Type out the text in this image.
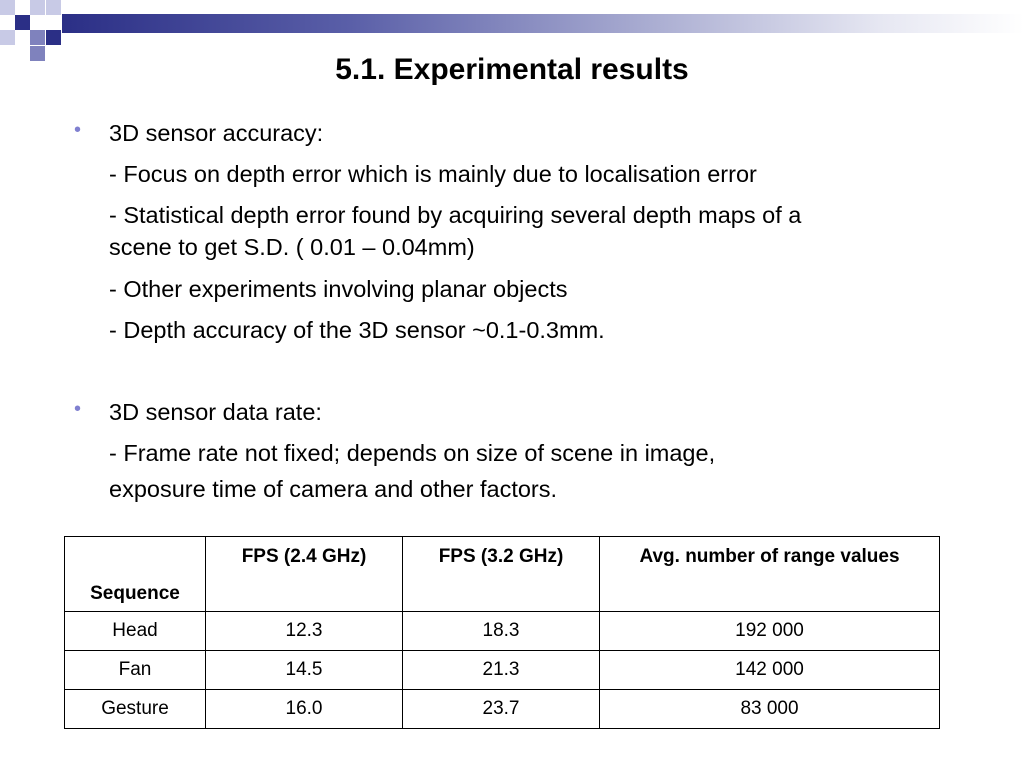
5.1. Experimental results
• 3D sensor accuracy:
- Focus on depth error which is mainly due to localisation error
- Statistical depth error found by acquiring several depth maps of a
scene to get S.D. ( 0.01 – 0.04mm)
- Other experiments involving planar objects
- Depth accuracy of the 3D sensor ~0.1-0.3mm.
• 3D sensor data rate:
- Frame rate not fixed; depends on size of scene in image,
exposure time of camera and other factors.
Sequence	FPS (2.4 GHz)	FPS (3.2 GHz)	Avg. number of range values
Head	12.3	18.3	192 000
Fan	14.5	21.3	142 000
Gesture	16.0	23.7	83 000
